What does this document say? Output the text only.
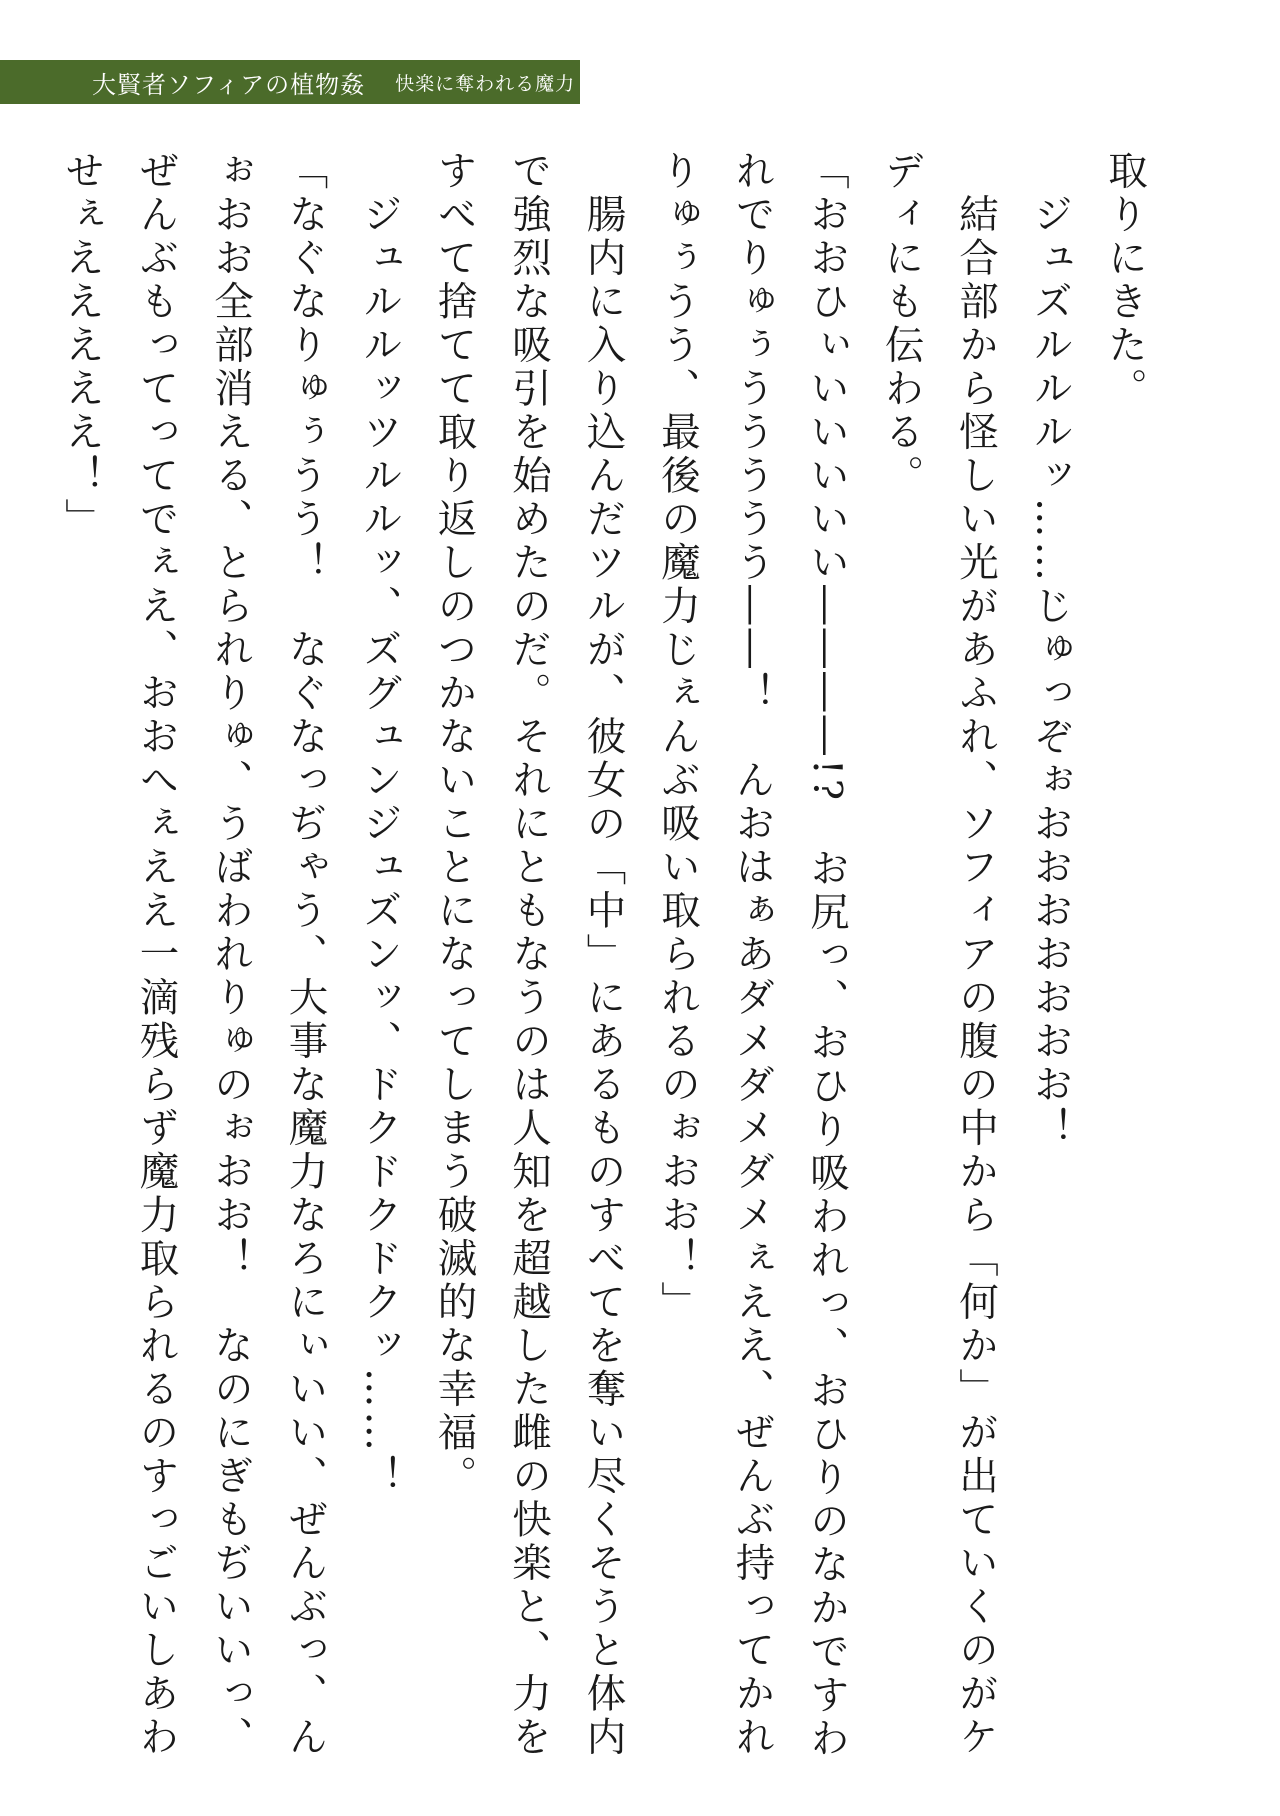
大賢者ソフィアの植物姦 快楽に奪われる魔力

取りにきた。

　ジュズルルルッ……じゅっぞぉおおおおおおお！

　結合部から怪しい光があふれ、ソフィアの腹の中から「何か」が出ていくのがケディにも伝わる。

「おおひぃいいいいい――――!?　お尻っ、おひり吸われっ、おひりのなかですわれでりゅぅううううう――！　んおはぁあダメダメダメぇええ、ぜんぶ持ってかれりゅぅうう、最後の魔力じぇんぶ吸い取られるのぉおお！」

　腸内に入り込んだツルが、彼女の「中」にあるものすべてを奪い尽くそうと体内で強烈な吸引を始めたのだ。それにともなうのは人知を超越した雌の快楽と、力をすべて捨てて取り返しのつかないことになってしまう破滅的な幸福。

　ジュルルッツルルッ、ズグュンジュズンッ、ドクドクドクッ……！

「なぐなりゅぅうう！　なぐなっぢゃう、大事な魔力なろにぃいい、ぜんぶっ、んぉおお全部消える、とられりゅ、うばわれりゅのぉおお！　なのにぎもぢいいっ、ぜんぶもってってでぇえ、おおへぇええ一滴残らず魔力取られるのすっごいしあわせぇえええええ！」
